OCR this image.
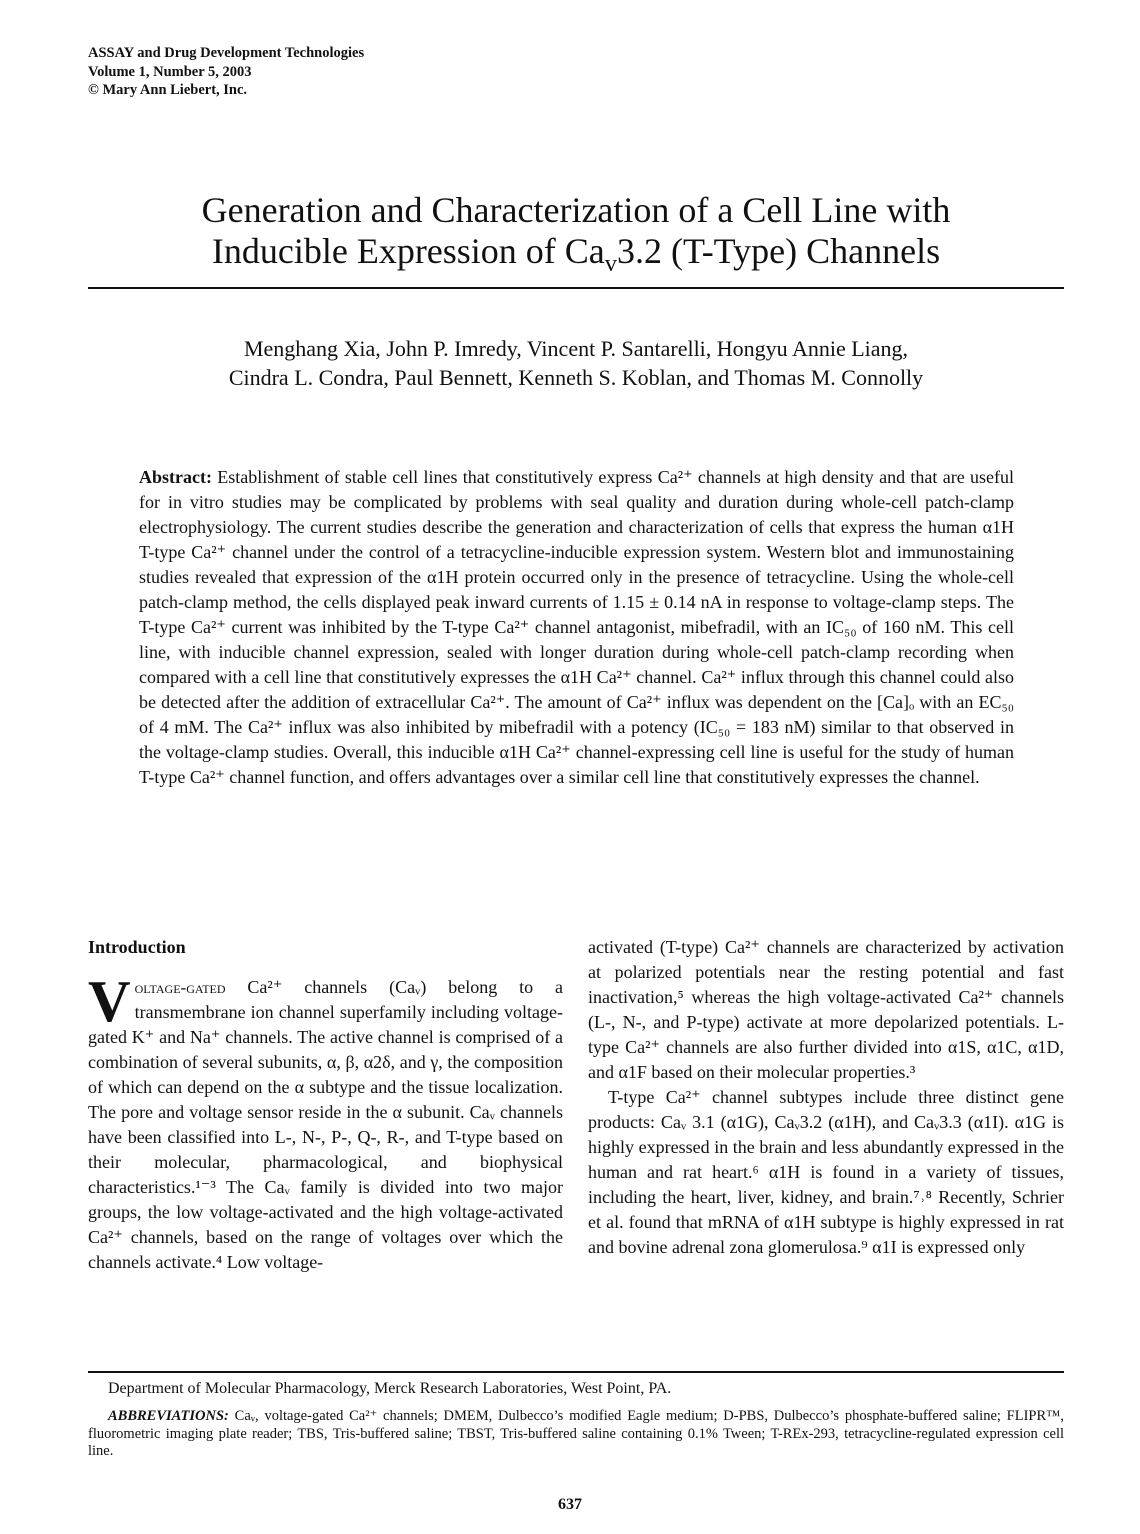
ASSAY and Drug Development Technologies
Volume 1, Number 5, 2003
© Mary Ann Liebert, Inc.
Generation and Characterization of a Cell Line with
Inducible Expression of $Ca_v3.2$ (T-Type) Channels
Menghang Xia, John P. Imredy, Vincent P. Santarelli, Hongyu Annie Liang,
Cindra L. Condra, Paul Bennett, Kenneth S. Koblan, and Thomas M. Connolly
Abstract: Establishment of stable cell lines that constitutively express Ca²⁺ channels at high density and that are useful for in vitro studies may be complicated by problems with seal quality and duration during whole-cell patch-clamp electrophysiology. The current studies describe the generation and characterization of cells that express the human α1H T-type Ca²⁺ channel under the control of a tetracycline-inducible expression system. Western blot and immunostaining studies revealed that expression of the α1H protein occurred only in the presence of tetracycline. Using the whole-cell patch-clamp method, the cells displayed peak inward currents of 1.15 ± 0.14 nA in response to voltage-clamp steps. The T-type Ca²⁺ current was inhibited by the T-type Ca²⁺ channel antagonist, mibefradil, with an IC₅₀ of 160 nM. This cell line, with inducible channel expression, sealed with longer duration during whole-cell patch-clamp recording when compared with a cell line that constitutively expresses the α1H Ca²⁺ channel. Ca²⁺ influx through this channel could also be detected after the addition of extracellular Ca²⁺. The amount of Ca²⁺ influx was dependent on the [Ca]ₒ with an EC₅₀ of 4 mM. The Ca²⁺ influx was also inhibited by mibefradil with a potency (IC₅₀ = 183 nM) similar to that observed in the voltage-clamp studies. Overall, this inducible α1H Ca²⁺ channel-expressing cell line is useful for the study of human T-type Ca²⁺ channel function, and offers advantages over a similar cell line that constitutively expresses the channel.
Introduction

Voltage-gated Ca²⁺ channels (Caᵥ) belong to a transmembrane ion channel superfamily including voltage-gated K⁺ and Na⁺ channels. The active channel is comprised of a combination of several subunits, α, β, α2δ, and γ, the composition of which can depend on the α subtype and the tissue localization. The pore and voltage sensor reside in the α subunit. Caᵥ channels have been classified into L-, N-, P-, Q-, R-, and T-type based on their molecular, pharmacological, and biophysical characteristics.¹⁻³ The Caᵥ family is divided into two major groups, the low voltage-activated and the high voltage-activated Ca²⁺ channels, based on the range of voltages over which the channels activate.⁴ Low voltage-

activated (T-type) Ca²⁺ channels are characterized by activation at polarized potentials near the resting potential and fast inactivation,⁵ whereas the high voltage-activated Ca²⁺ channels (L-, N-, and P-type) activate at more depolarized potentials. L-type Ca²⁺ channels are also further divided into α1S, α1C, α1D, and α1F based on their molecular properties.³

T-type Ca²⁺ channel subtypes include three distinct gene products: Caᵥ 3.1 (α1G), Caᵥ3.2 (α1H), and Caᵥ3.3 (α1I). α1G is highly expressed in the brain and less abundantly expressed in the human and rat heart.⁶ α1H is found in a variety of tissues, including the heart, liver, kidney, and brain.⁷˒⁸ Recently, Schrier et al. found that mRNA of α1H subtype is highly expressed in rat and bovine adrenal zona glomerulosa.⁹ α1I is expressed only

Department of Molecular Pharmacology, Merck Research Laboratories, West Point, PA.
ABBREVIATIONS: Caᵥ, voltage-gated Ca²⁺ channels; DMEM, Dulbecco’s modified Eagle medium; D-PBS, Dulbecco’s phosphate-buffered saline; FLIPR™, fluorometric imaging plate reader; TBS, Tris-buffered saline; TBST, Tris-buffered saline containing 0.1% Tween; T-REx-293, tetracycline-regulated expression cell line.
637
